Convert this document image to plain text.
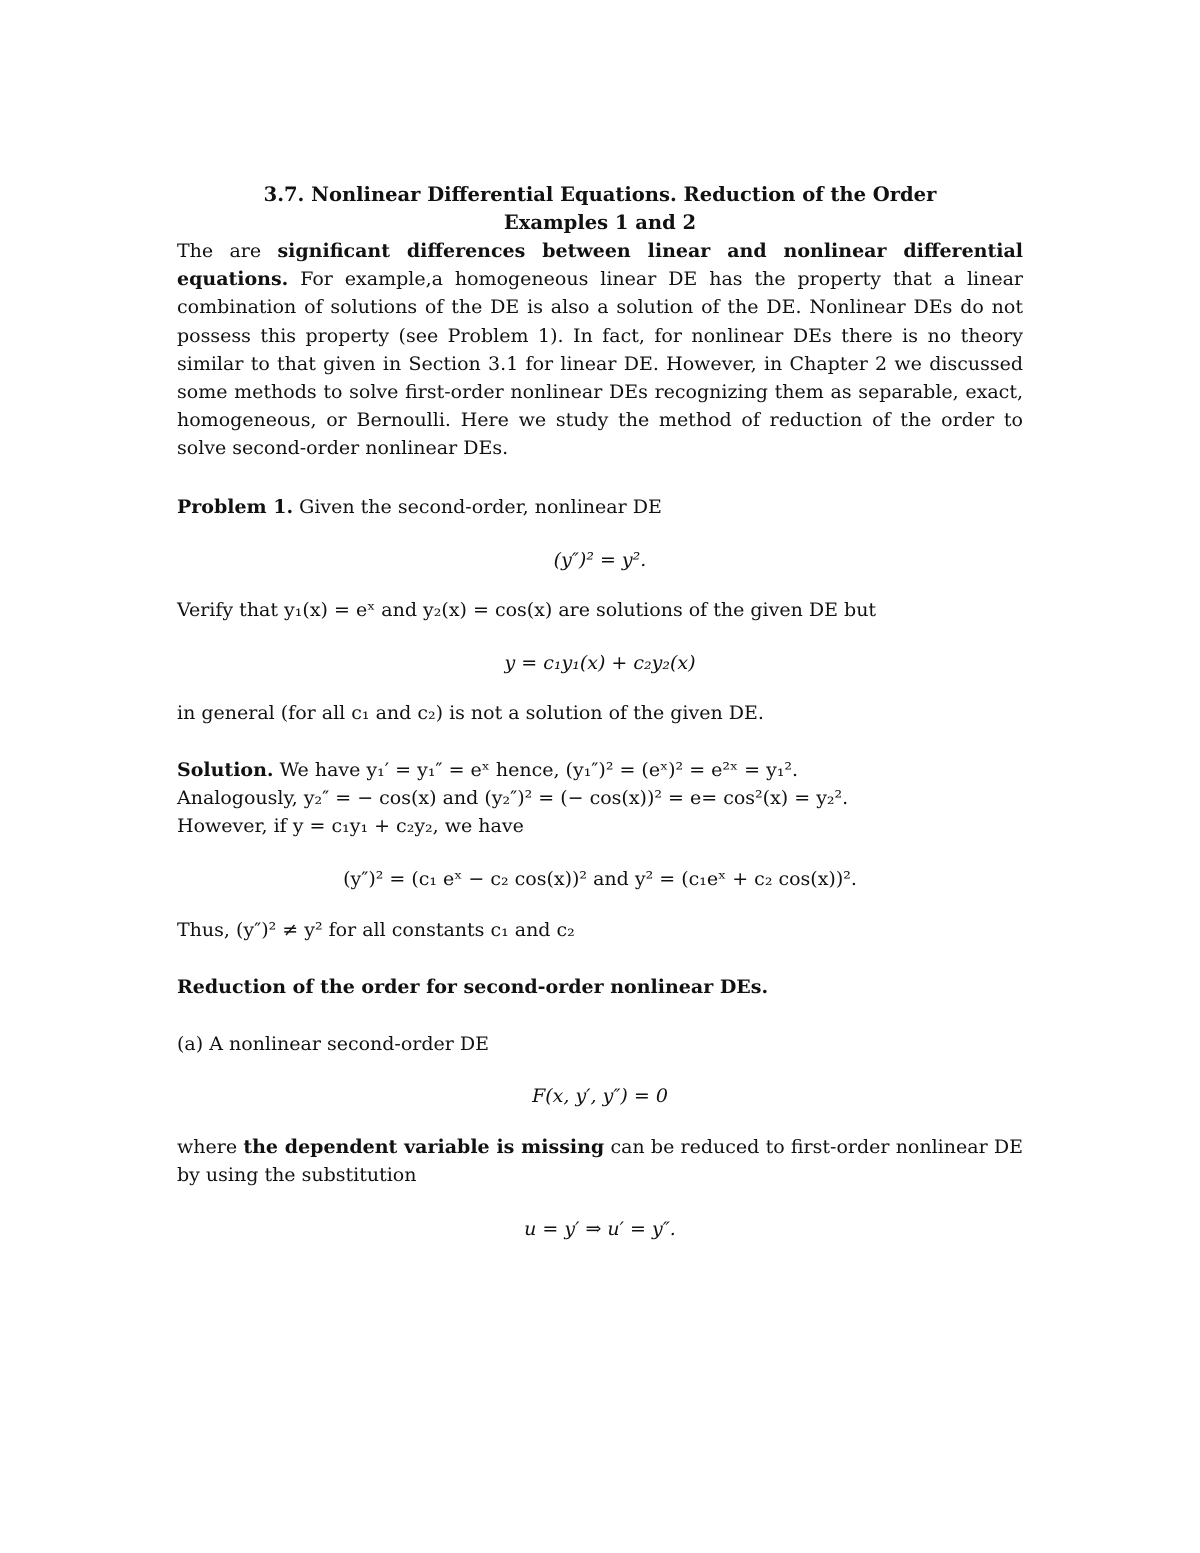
3.7. Nonlinear Differential Equations. Reduction of the Order
Examples 1 and 2
The are significant differences between linear and nonlinear differential equations. For example,a homogeneous linear DE has the property that a linear combination of solutions of the DE is also a solution of the DE. Nonlinear DEs do not possess this property (see Problem 1). In fact, for nonlinear DEs there is no theory similar to that given in Section 3.1 for linear DE. However, in Chapter 2 we discussed some methods to solve first-order nonlinear DEs recognizing them as separable, exact, homogeneous, or Bernoulli. Here we study the method of reduction of the order to solve second-order nonlinear DEs.
Problem 1. Given the second-order, nonlinear DE
(y″)² = y².
Verify that y₁(x) = eˣ and y₂(x) = cos(x) are solutions of the given DE but
y = c₁y₁(x) + c₂y₂(x)
in general (for all c₁ and c₂) is not a solution of the given DE.
Solution. We have y₁′ = y₁″ = eˣ hence, (y₁″)² = (eˣ)² = e²ˣ = y₁².
Analogously, y₂″ = − cos(x) and (y₂″)² = (− cos(x))² = e= cos²(x) = y₂².
However, if y = c₁y₁ + c₂y₂, we have
(y″)² = (c₁ eˣ − c₂ cos(x))² and y² = (c₁eˣ + c₂ cos(x))².
Thus, (y″)² ≠ y² for all constants c₁ and c₂
Reduction of the order for second-order nonlinear DEs.
(a) A nonlinear second-order DE
F(x, y′, y″) = 0
where the dependent variable is missing can be reduced to first-order nonlinear DE by using the substitution
u = y′ ⇒ u′ = y″.
